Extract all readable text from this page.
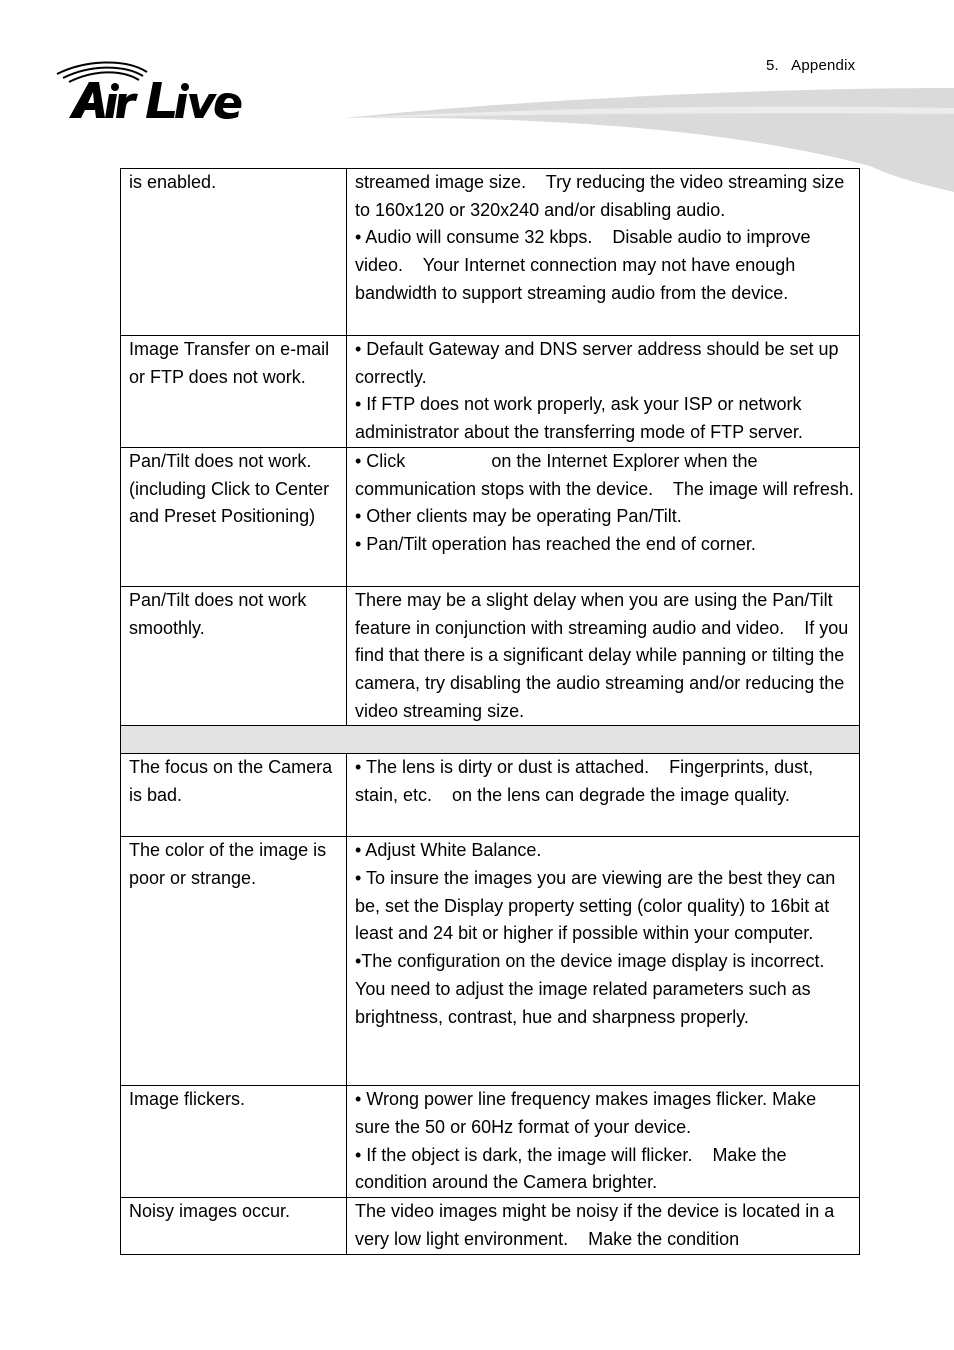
5.   Appendix
is enabled.	streamed image size.    Try reducing the video streaming size to 160x120 or 320x240 and/or disabling audio.
• Audio will consume 32 kbps.    Disable audio to improve video.    Your Internet connection may not have enough bandwidth to support streaming audio from the device.

Image Transfer on e-mail or FTP does not work.	• Default Gateway and DNS server address should be set up correctly.
• If FTP does not work properly, ask your ISP or network administrator about the transferring mode of FTP server.

Pan/Tilt does not work. (including Click to Center and Preset Positioning)	• Click on the Internet Explorer when the communication stops with the device.    The image will refresh.
• Other clients may be operating Pan/Tilt.
• Pan/Tilt operation has reached the end of corner.

Pan/Tilt does not work smoothly.	There may be a slight delay when you are using the Pan/Tilt feature in conjunction with streaming audio and video.    If you find that there is a significant delay while panning or tilting the camera, try disabling the audio streaming and/or reducing the video streaming size.

The focus on the Camera is bad.	• The lens is dirty or dust is attached.    Fingerprints, dust, stain, etc.    on the lens can degrade the image quality.

The color of the image is poor or strange.	• Adjust White Balance.
• To insure the images you are viewing are the best they can be, set the Display property setting (color quality) to 16bit at least and 24 bit or higher if possible within your computer.
•The configuration on the device image display is incorrect.    You need to adjust the image related parameters such as brightness, contrast, hue and sharpness properly.

Image flickers.	• Wrong power line frequency makes images flicker. Make sure the 50 or 60Hz format of your device.
• If the object is dark, the image will flicker.    Make the condition around the Camera brighter.

Noisy images occur.	The video images might be noisy if the device is located in a very low light environment.    Make the condition
